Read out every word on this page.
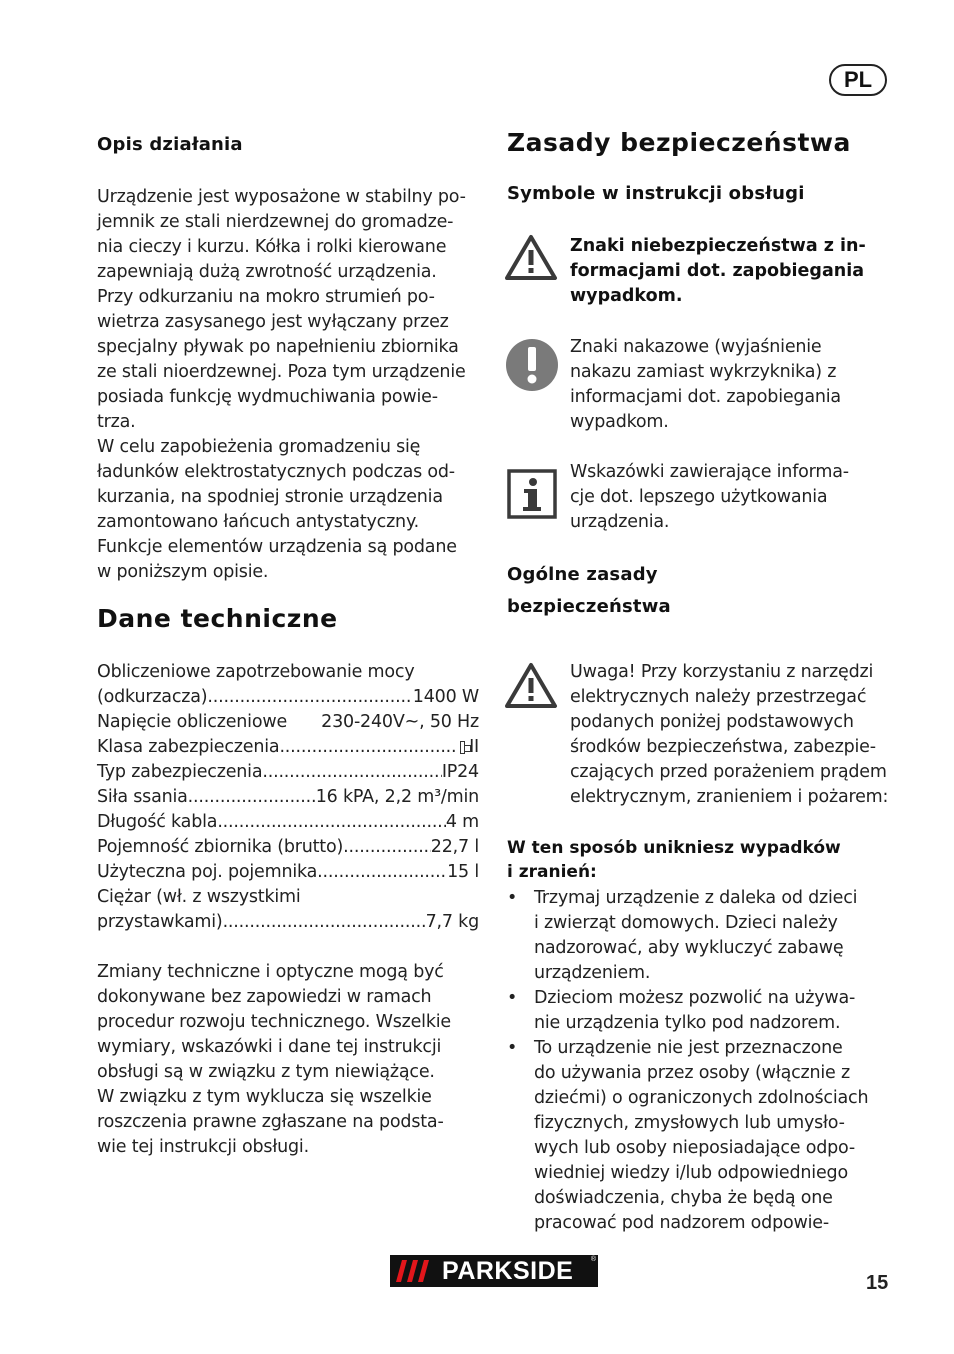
PL
Opis działania
Urządzenie jest wyposażone w stabilny po-
jemnik ze stali nierdzewnej do gromadze-
nia cieczy i kurzu. Kółka i rolki kierowane
zapewniają dużą zwrotność urządzenia.
Przy odkurzaniu na mokro strumień po-
wietrza zasysanego jest wyłączany przez
specjalny pływak po napełnieniu zbiornika
ze stali nioerdzewnej. Poza tym urządzenie
posiada funkcję wydmuchiwania powie-
trza.
W celu zapobieżenia gromadzeniu się
ładunków elektrostatycznych podczas od-
kurzania, na spodniej stronie urządzenia
zamontowano łańcuch antystatyczny.
Funkcje elementów urządzenia są podane
w poniższym opisie.
Dane techniczne
Obliczeniowe zapotrzebowanie mocy
(odkurzacza) .....	1400 W
Napięcie obliczeniowe 230-240V~, 50 Hz
Klasa zabezpieczenia .....	II
Typ zabezpieczenia .....	IP24
Siła ssania .....	16 kPA, 2,2 m³/min
Długość kabla .....	4 m
Pojemność zbiornika (brutto) .....	22,7 l
Użyteczna poj. pojemnika .....	15 l
Ciężar (wł. z wszystkimi
przystawkami) .....	7,7 kg
Zmiany techniczne i optyczne mogą być
dokonywane bez zapowiedzi w ramach
procedur rozwoju technicznego. Wszelkie
wymiary, wskazówki i dane tej instrukcji
obsługi są w związku z tym niewiążące.
W związku z tym wyklucza się wszelkie
roszczenia prawne zgłaszane na podsta-
wie tej instrukcji obsługi.
Zasady bezpieczeństwa
Symbole w instrukcji obsługi
Znaki niebezpieczeństwa z in-
formacjami dot. zapobiegania
wypadkom.
Znaki nakazowe (wyjaśnienie
nakazu zamiast wykrzyknika) z
informacjami dot. zapobiegania
wypadkom.
Wskazówki zawierające informa-
cje dot. lepszego użytkowania
urządzenia.
Ogólne zasady
bezpieczeństwa
Uwaga! Przy korzystaniu z narzędzi
elektrycznych należy przestrzegać
podanych poniżej podstawowych
środków bezpieczeństwa, zabezpie-
czających przed porażeniem prądem
elektrycznym, zranieniem i pożarem:
W ten sposób unikniesz wypadków
i zranień:
• Trzymaj urządzenie z daleka od dzieci
i zwierząt domowych. Dzieci należy
nadzorować, aby wykluczyć zabawę
urządzeniem.
• Dzieciom możesz pozwolić na używa-
nie urządzenia tylko pod nadzorem.
• To urządzenie nie jest przeznaczone
do używania przez osoby (włącznie z
dziećmi) o ograniczonych zdolnościach
fizycznych, zmysłowych lub umysło-
wych lub osoby nieposiadające odpo-
wiedniej wiedzy i/lub odpowiedniego
doświadczenia, chyba że będą one
pracować pod nadzorem odpowie-
PARKSIDE ®
15
